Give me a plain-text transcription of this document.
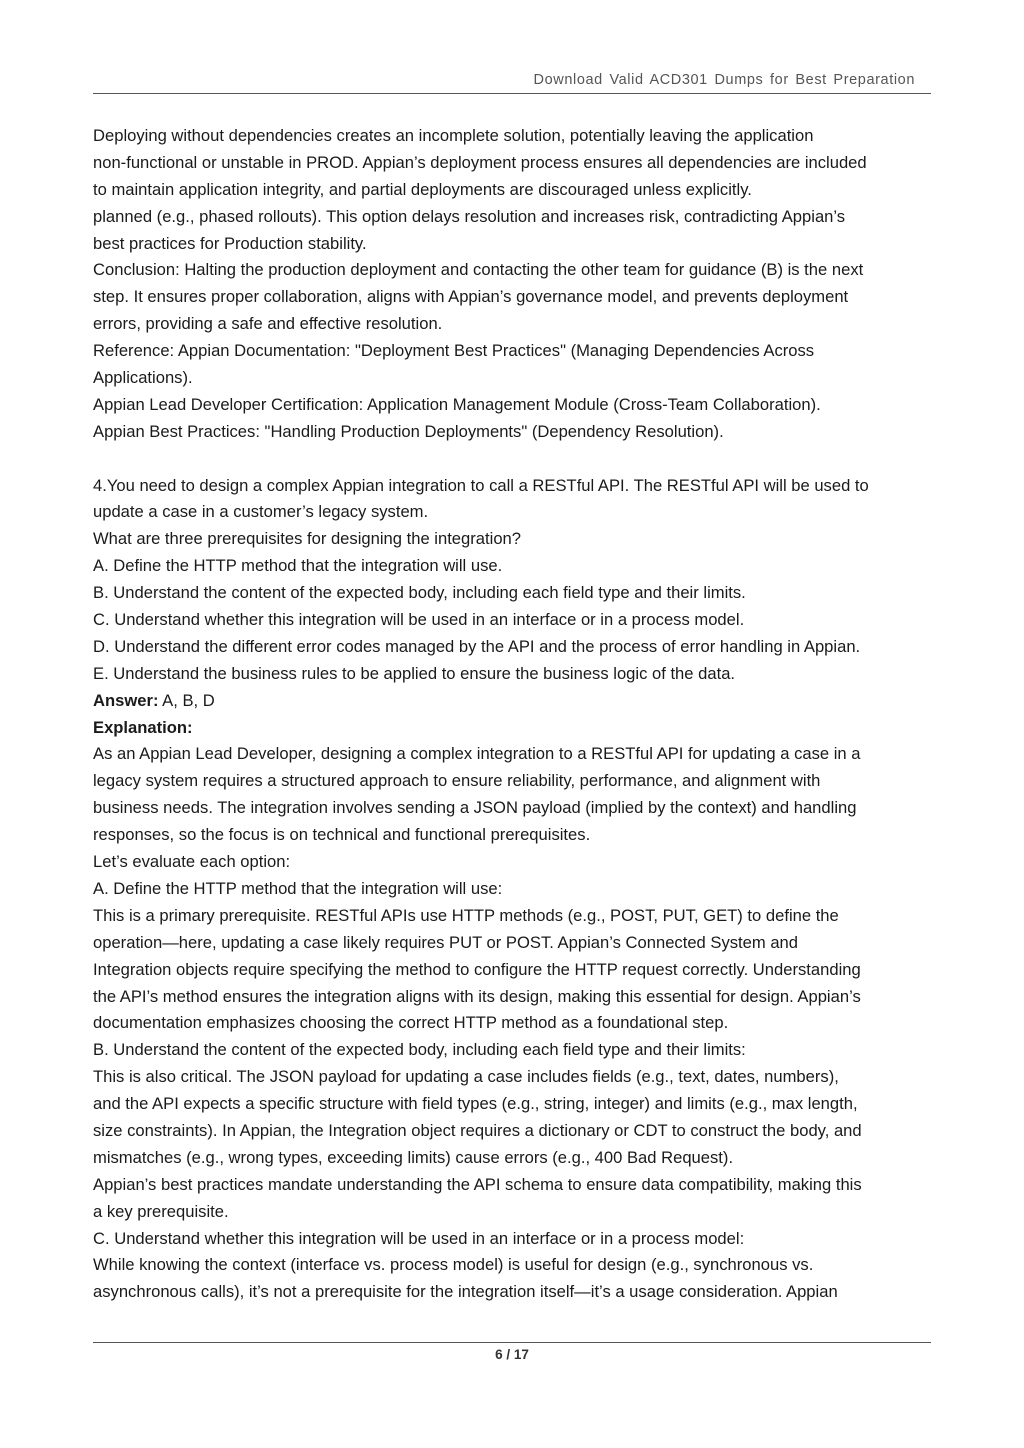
Download Valid ACD301 Dumps for Best Preparation
Deploying without dependencies creates an incomplete solution, potentially leaving the application
non-functional or unstable in PROD. Appian’s deployment process ensures all dependencies are included
to maintain application integrity, and partial deployments are discouraged unless explicitly.
planned (e.g., phased rollouts). This option delays resolution and increases risk, contradicting Appian’s
best practices for Production stability.
Conclusion: Halting the production deployment and contacting the other team for guidance (B) is the next
step. It ensures proper collaboration, aligns with Appian’s governance model, and prevents deployment
errors, providing a safe and effective resolution.
Reference: Appian Documentation: "Deployment Best Practices" (Managing Dependencies Across
Applications).
Appian Lead Developer Certification: Application Management Module (Cross-Team Collaboration).
Appian Best Practices: "Handling Production Deployments" (Dependency Resolution).
4.You need to design a complex Appian integration to call a RESTful API. The RESTful API will be used to
update a case in a customer’s legacy system.
What are three prerequisites for designing the integration?
A. Define the HTTP method that the integration will use.
B. Understand the content of the expected body, including each field type and their limits.
C. Understand whether this integration will be used in an interface or in a process model.
D. Understand the different error codes managed by the API and the process of error handling in Appian.
E. Understand the business rules to be applied to ensure the business logic of the data.
Answer: A, B, D
Explanation:
As an Appian Lead Developer, designing a complex integration to a RESTful API for updating a case in a
legacy system requires a structured approach to ensure reliability, performance, and alignment with
business needs. The integration involves sending a JSON payload (implied by the context) and handling
responses, so the focus is on technical and functional prerequisites.
Let’s evaluate each option:
A. Define the HTTP method that the integration will use:
This is a primary prerequisite. RESTful APIs use HTTP methods (e.g., POST, PUT, GET) to define the
operation—here, updating a case likely requires PUT or POST. Appian’s Connected System and
Integration objects require specifying the method to configure the HTTP request correctly. Understanding
the API’s method ensures the integration aligns with its design, making this essential for design. Appian’s
documentation emphasizes choosing the correct HTTP method as a foundational step.
B. Understand the content of the expected body, including each field type and their limits:
This is also critical. The JSON payload for updating a case includes fields (e.g., text, dates, numbers),
and the API expects a specific structure with field types (e.g., string, integer) and limits (e.g., max length,
size constraints). In Appian, the Integration object requires a dictionary or CDT to construct the body, and
mismatches (e.g., wrong types, exceeding limits) cause errors (e.g., 400 Bad Request).
Appian’s best practices mandate understanding the API schema to ensure data compatibility, making this
a key prerequisite.
C. Understand whether this integration will be used in an interface or in a process model:
While knowing the context (interface vs. process model) is useful for design (e.g., synchronous vs.
asynchronous calls), it’s not a prerequisite for the integration itself—it’s a usage consideration. Appian
6 / 17
